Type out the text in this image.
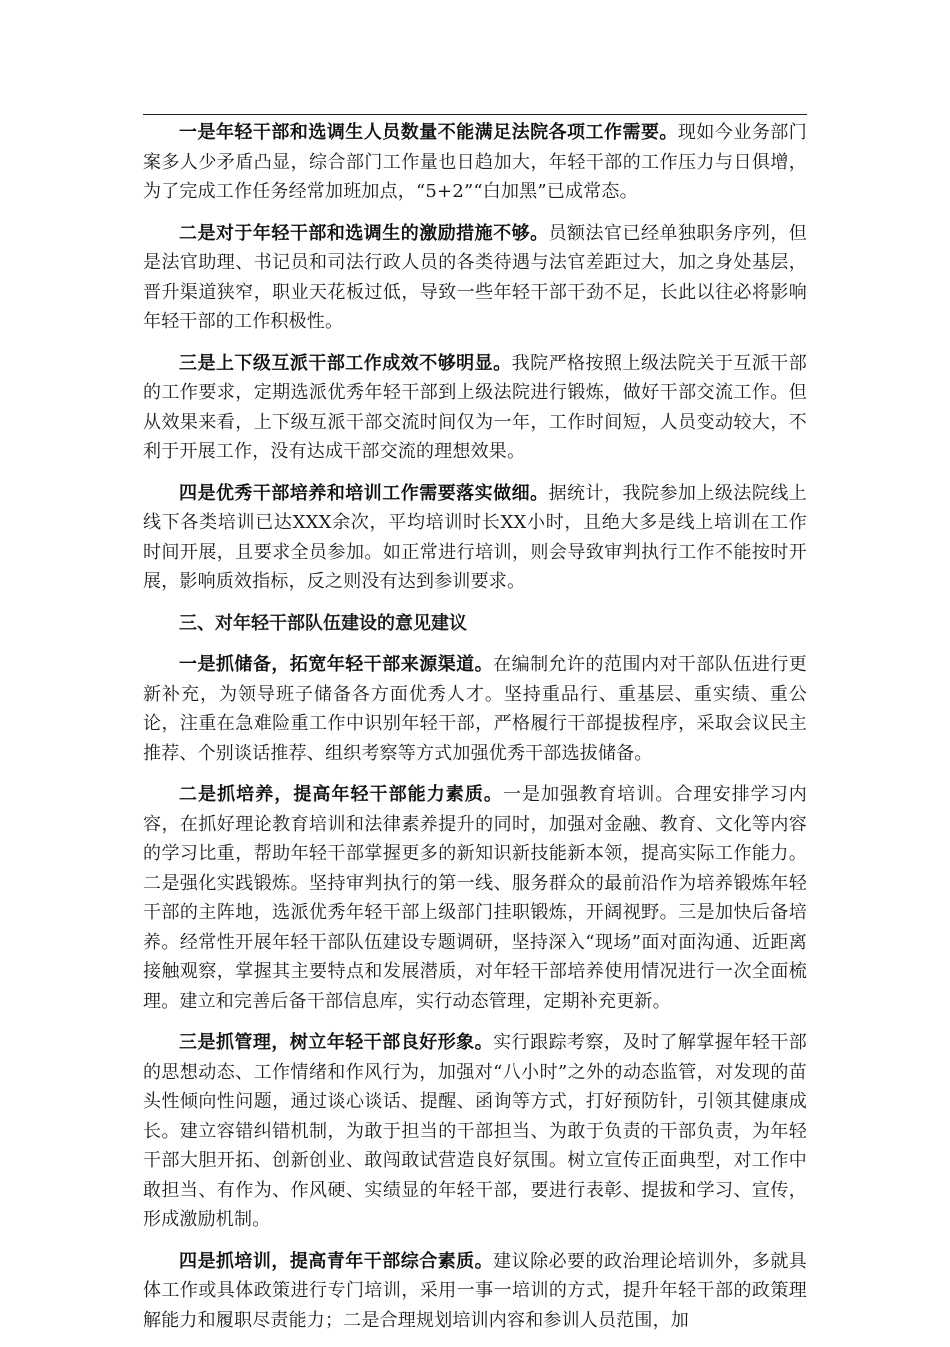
一是年轻干部和选调生人员数量不能满足法院各项工作需要。现如今业务部门案多人少矛盾凸显，综合部门工作量也日趋加大，年轻干部的工作压力与日俱增，为了完成工作任务经常加班加点，“5+2”“白加黑”已成常态。

二是对于年轻干部和选调生的激励措施不够。员额法官已经单独职务序列，但是法官助理、书记员和司法行政人员的各类待遇与法官差距过大，加之身处基层，晋升渠道狭窄，职业天花板过低，导致一些年轻干部干劲不足，长此以往必将影响年轻干部的工作积极性。

三是上下级互派干部工作成效不够明显。我院严格按照上级法院关于互派干部的工作要求，定期选派优秀年轻干部到上级法院进行锻炼，做好干部交流工作。但从效果来看，上下级互派干部交流时间仅为一年，工作时间短，人员变动较大，不利于开展工作，没有达成干部交流的理想效果。

四是优秀干部培养和培训工作需要落实做细。据统计，我院参加上级法院线上线下各类培训已达XXX余次，平均培训时长XX小时，且绝大多是线上培训在工作时间开展，且要求全员参加。如正常进行培训，则会导致审判执行工作不能按时开展，影响质效指标，反之则没有达到参训要求。

三、对年轻干部队伍建设的意见建议

一是抓储备，拓宽年轻干部来源渠道。在编制允许的范围内对干部队伍进行更新补充，为领导班子储备各方面优秀人才。坚持重品行、重基层、重实绩、重公论，注重在急难险重工作中识别年轻干部，严格履行干部提拔程序，采取会议民主推荐、个别谈话推荐、组织考察等方式加强优秀干部选拔储备。

二是抓培养，提高年轻干部能力素质。一是加强教育培训。合理安排学习内容，在抓好理论教育培训和法律素养提升的同时，加强对金融、教育、文化等内容的学习比重，帮助年轻干部掌握更多的新知识新技能新本领，提高实际工作能力。二是强化实践锻炼。坚持审判执行的第一线、服务群众的最前沿作为培养锻炼年轻干部的主阵地，选派优秀年轻干部上级部门挂职锻炼，开阔视野。三是加快后备培养。经常性开展年轻干部队伍建设专题调研，坚持深入“现场”面对面沟通、近距离接触观察，掌握其主要特点和发展潜质，对年轻干部培养使用情况进行一次全面梳理。建立和完善后备干部信息库，实行动态管理，定期补充更新。

三是抓管理，树立年轻干部良好形象。实行跟踪考察，及时了解掌握年轻干部的思想动态、工作情绪和作风行为，加强对“八小时”之外的动态监管，对发现的苗头性倾向性问题，通过谈心谈话、提醒、函询等方式，打好预防针，引领其健康成长。建立容错纠错机制，为敢于担当的干部担当、为敢于负责的干部负责，为年轻干部大胆开拓、创新创业、敢闯敢试营造良好氛围。树立宣传正面典型，对工作中敢担当、有作为、作风硬、实绩显的年轻干部，要进行表彰、提拔和学习、宣传，形成激励机制。

四是抓培训，提高青年干部综合素质。建议除必要的政治理论培训外，多就具体工作或具体政策进行专门培训，采用一事一培训的方式，提升年轻干部的政策理解能力和履职尽责能力；二是合理规划培训内容和参训人员范围，加
